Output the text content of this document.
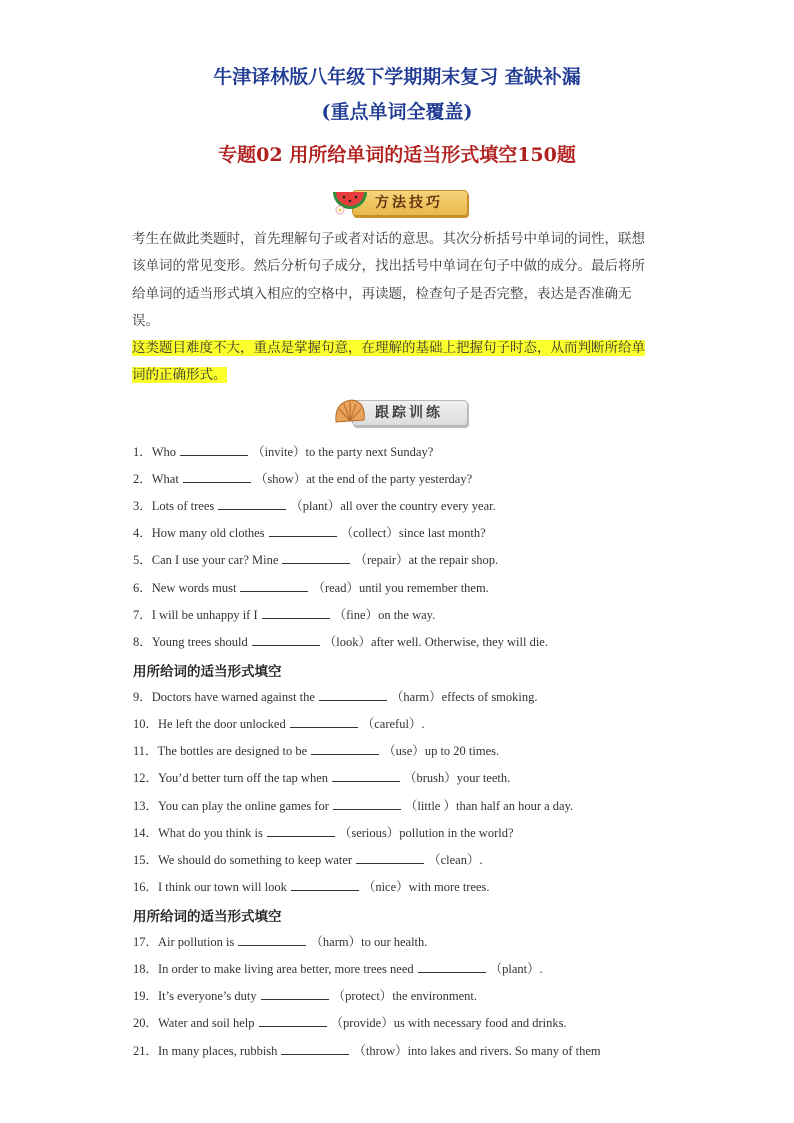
牛津译林版八年级下学期期末复习 查缺补漏
(重点单词全覆盖)
专题02 用所给单词的适当形式填空150题
方法技巧

考生在做此类题时，首先理解句子或者对话的意思。其次分析括号中单词的词性，联想该单词的常见变形。然后分析句子成分，找出括号中单词在句子中做的成分。最后将所给单词的适当形式填入相应的空格中，再读题，检查句子是否完整，表达是否准确无误。

这类题目难度不大，重点是掌握句意，在理解的基础上把握句子时态，从而判断所给单词的正确形式。

跟踪训练
1．Who	（invite）to the party next Sunday?
2．What	（show）at the end of the party yesterday?
3．Lots of trees	（plant）all over the country every year.
4．How many old clothes	（collect）since last month?
5．Can I use your car? Mine	（repair）at the repair shop.
6．New words must	（read）until you remember them.
7．I will be unhappy if I	（fine）on the way.
8．Young trees should	（look）after well. Otherwise, they will die.
用所给词的适当形式填空
9．Doctors have warned against the	（harm）effects of smoking.
10．He left the door unlocked	（careful）.
11．The bottles are designed to be	（use）up to 20 times.
12．You’d better turn off the tap when	（brush）your teeth.
13．You can play the online games for	（little ）than half an hour a day.
14．What do you think is	（serious）pollution in the world?
15．We should do something to keep water	（clean）.
16．I think our town will look	（nice）with more trees.
用所给词的适当形式填空
17．Air pollution is	（harm）to our health.
18．In order to make living area better, more trees need	（plant）.
19．It’s everyone’s duty	（protect）the environment.
20．Water and soil help	（provide）us with necessary food and drinks.
21．In many places, rubbish	（throw）into lakes and rivers. So many of them
